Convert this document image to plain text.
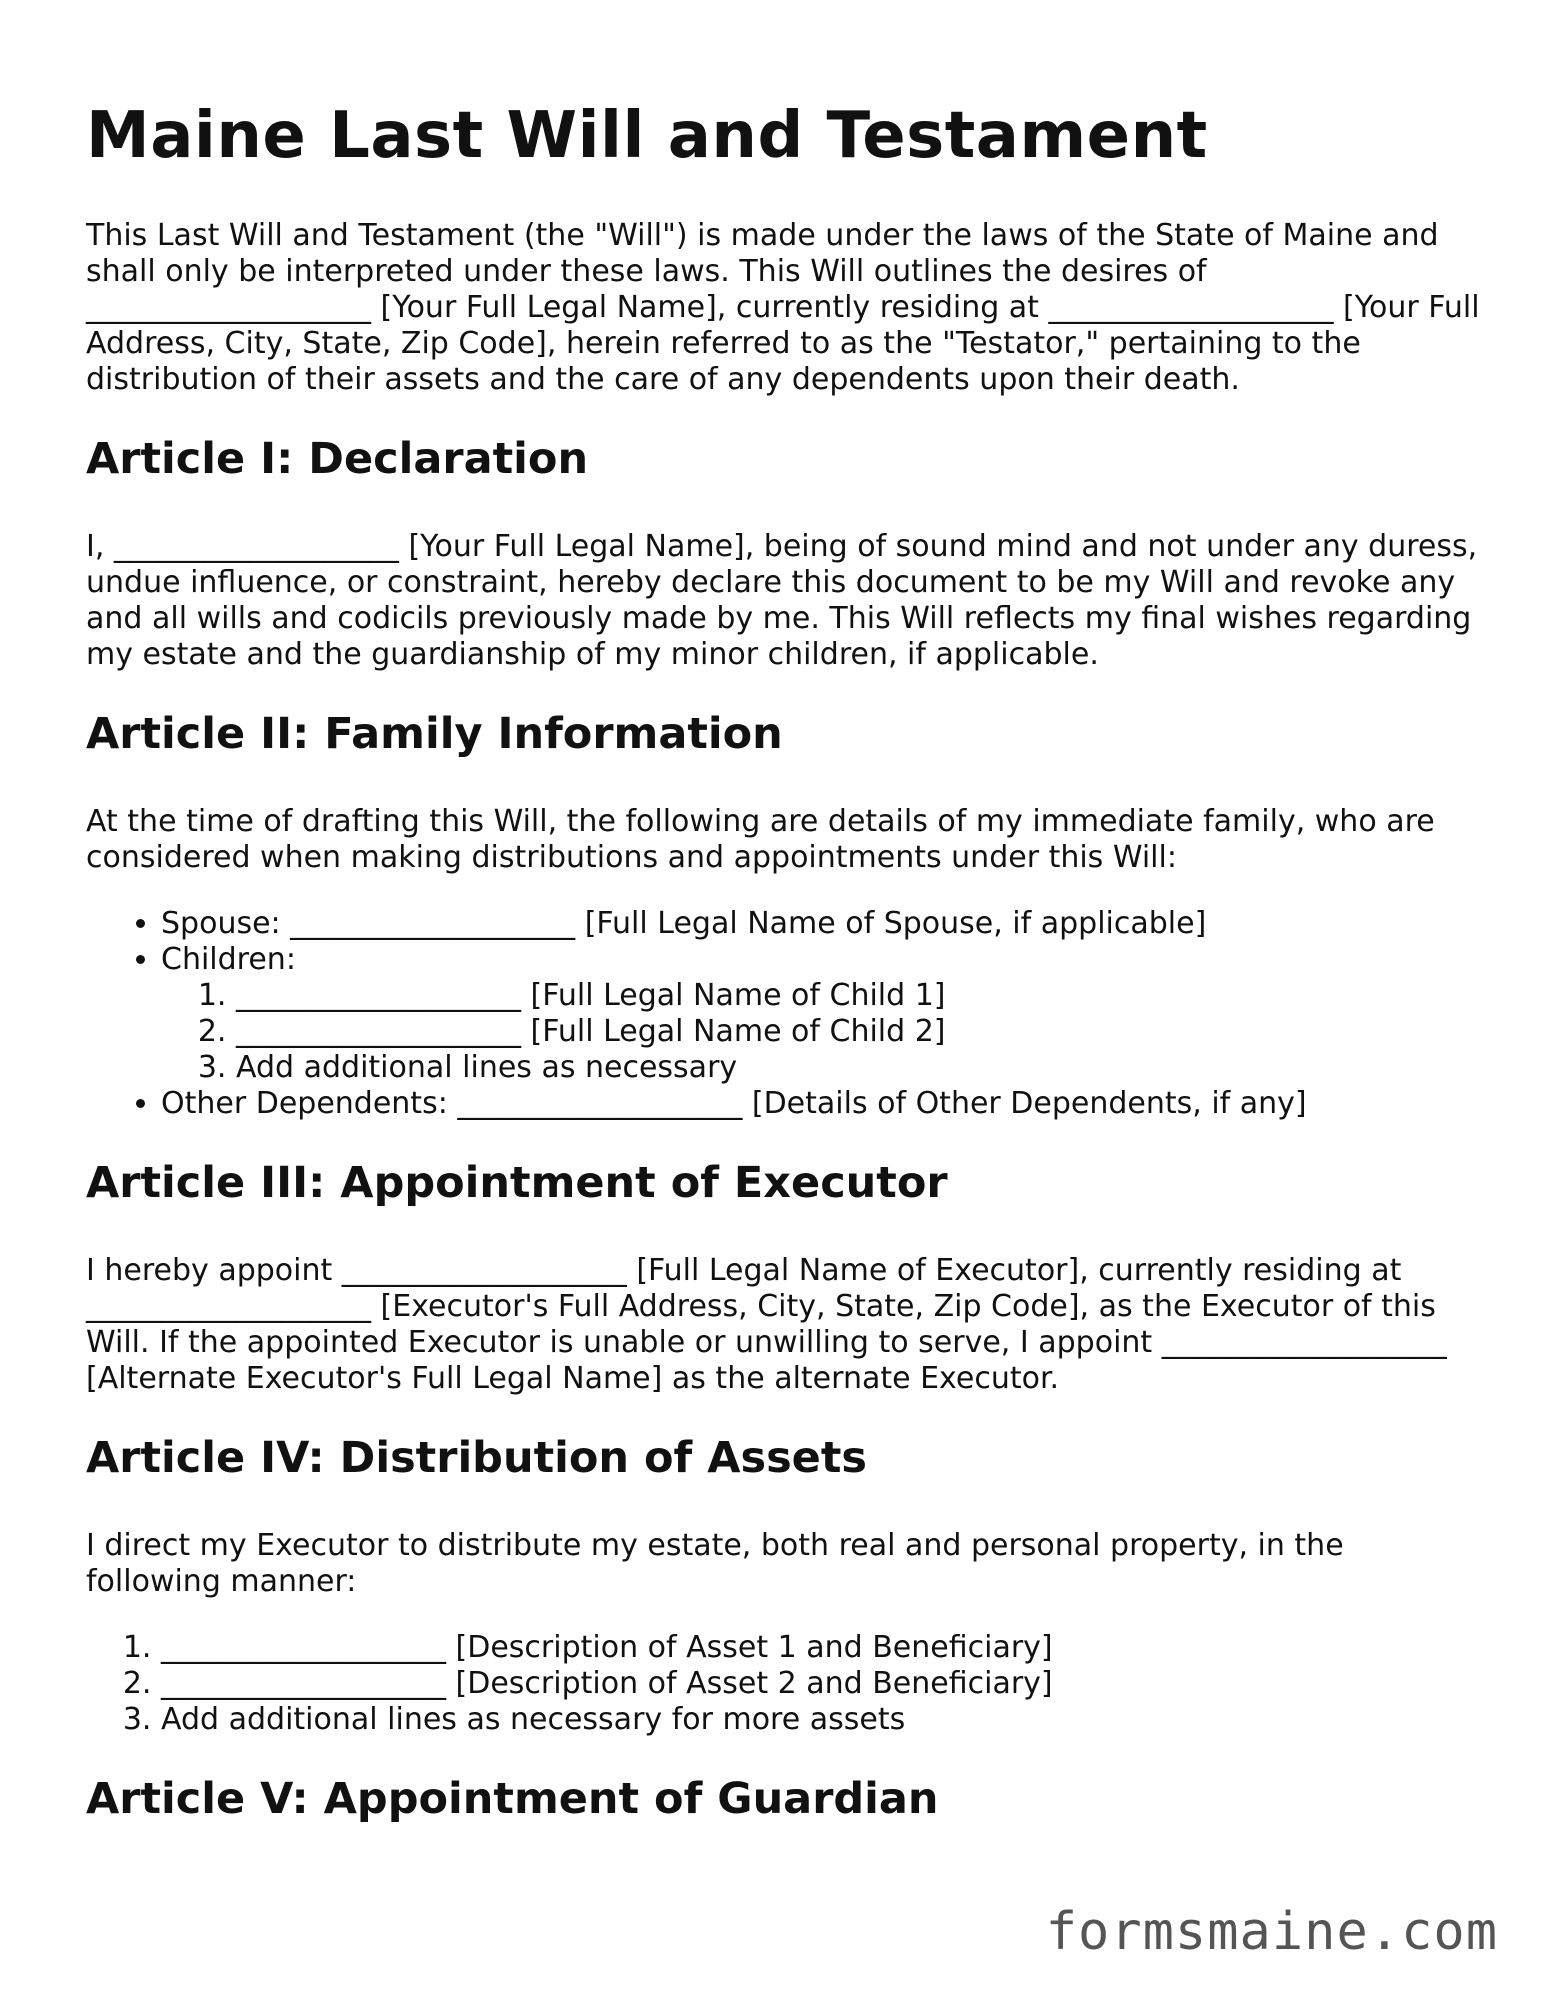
Maine Last Will and Testament

This Last Will and Testament (the "Will") is made under the laws of the State of Maine and shall only be interpreted under these laws. This Will outlines the desires of ___________________ [Your Full Legal Name], currently residing at ___________________ [Your Full Address, City, State, Zip Code], herein referred to as the "Testator," pertaining to the distribution of their assets and the care of any dependents upon their death.

Article I: Declaration

I, ___________________ [Your Full Legal Name], being of sound mind and not under any duress, undue influence, or constraint, hereby declare this document to be my Will and revoke any and all wills and codicils previously made by me. This Will reflects my final wishes regarding my estate and the guardianship of my minor children, if applicable.

Article II: Family Information

At the time of drafting this Will, the following are details of my immediate family, who are considered when making distributions and appointments under this Will:

• Spouse: ___________________ [Full Legal Name of Spouse, if applicable]
• Children:
1. ___________________ [Full Legal Name of Child 1]
2. ___________________ [Full Legal Name of Child 2]
3. Add additional lines as necessary
• Other Dependents: ___________________ [Details of Other Dependents, if any]
Article III: Appointment of Executor

I hereby appoint ___________________ [Full Legal Name of Executor], currently residing at ___________________ [Executor's Full Address, City, State, Zip Code], as the Executor of this Will. If the appointed Executor is unable or unwilling to serve, I appoint ___________________ [Alternate Executor's Full Legal Name] as the alternate Executor.

Article IV: Distribution of Assets

I direct my Executor to distribute my estate, both real and personal property, in the following manner:

1. ___________________ [Description of Asset 1 and Beneficiary]
2. ___________________ [Description of Asset 2 and Beneficiary]
3. Add additional lines as necessary for more assets
Article V: Appointment of Guardian
formsmaine.com
